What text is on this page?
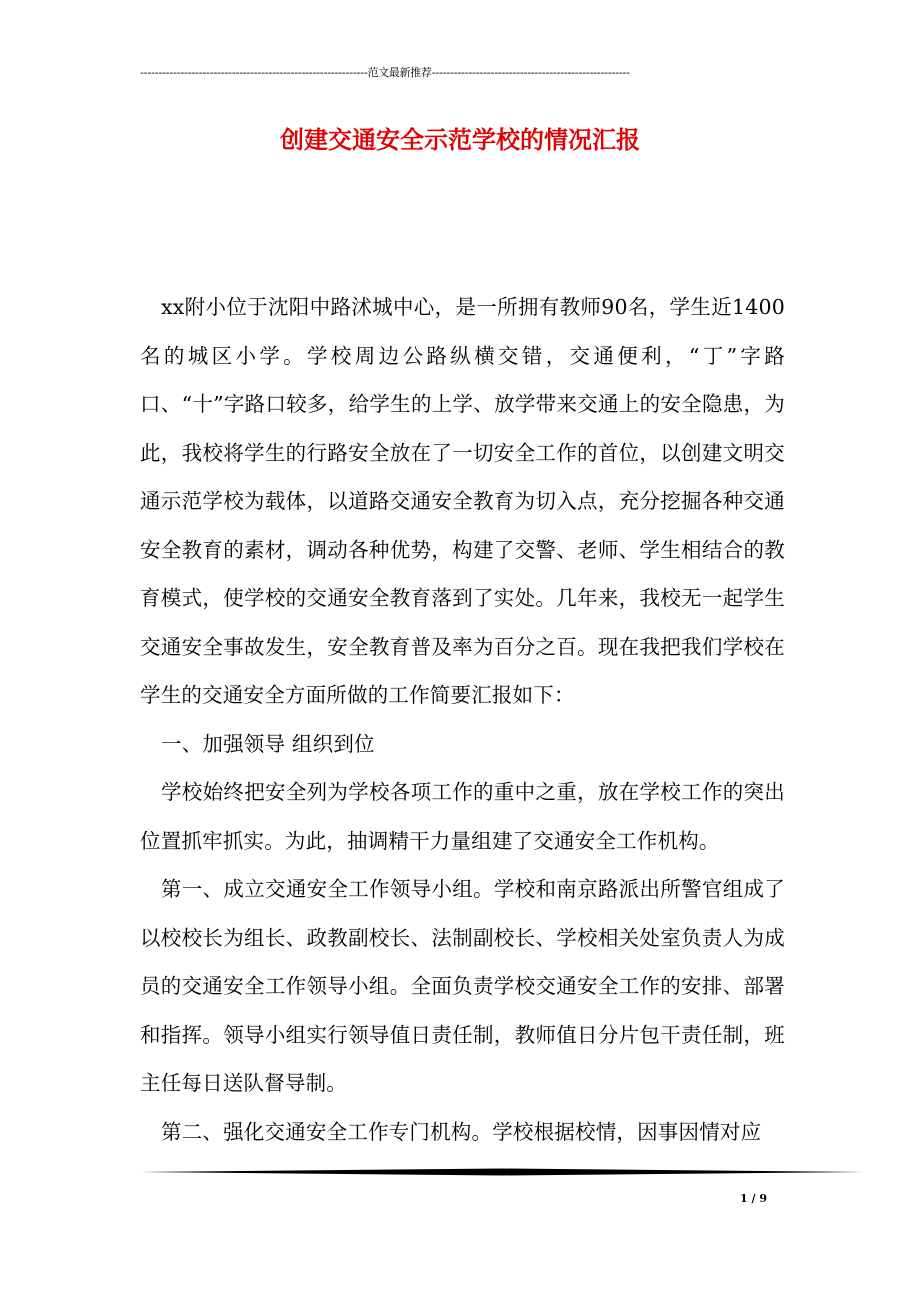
--------------------------------------------------------------范文最新推荐------------------------------------------------------
创建交通安全示范学校的情况汇报

xx附小位于沈阳中路沭城中心，是一所拥有教师90名，学生近1400名的城区小学。学校周边公路纵横交错，交通便利，“丁”字路口、“十”字路口较多，给学生的上学、放学带来交通上的安全隐患，为此，我校将学生的行路安全放在了一切安全工作的首位，以创建文明交通示范学校为载体，以道路交通安全教育为切入点，充分挖掘各种交通安全教育的素材，调动各种优势，构建了交警、老师、学生相结合的教育模式，使学校的交通安全教育落到了实处。几年来，我校无一起学生交通安全事故发生，安全教育普及率为百分之百。现在我把我们学校在学生的交通安全方面所做的工作简要汇报如下：

一、加强领导 组织到位

学校始终把安全列为学校各项工作的重中之重，放在学校工作的突出位置抓牢抓实。为此，抽调精干力量组建了交通安全工作机构。

第一、成立交通安全工作领导小组。学校和南京路派出所警官组成了以校校长为组长、政教副校长、法制副校长、学校相关处室负责人为成员的交通安全工作领导小组。全面负责学校交通安全工作的安排、部署和指挥。领导小组实行领导值日责任制，教师值日分片包干责任制，班主任每日送队督导制。

第二、强化交通安全工作专门机构。学校根据校情，因事因情对应

1 / 9
